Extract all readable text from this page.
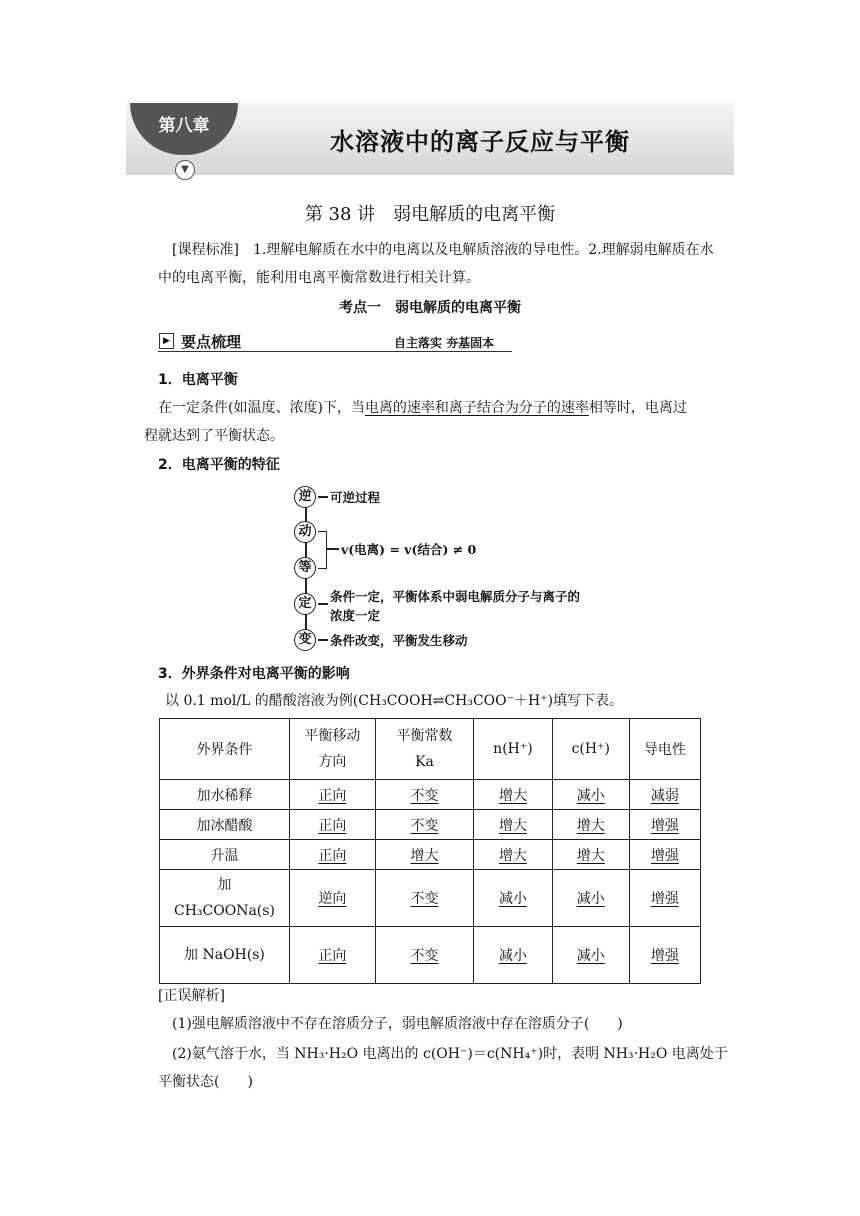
第八章
▼
水溶液中的离子反应与平衡
第 38 讲　弱电解质的电离平衡
[课程标准]　 1.理解电解质在水中的电离以及电解质溶液的导电性。2.理解弱电解质在水
中的电离平衡，能利用电离平衡常数进行相关计算。
考点一　弱电解质的电离平衡
▶ 要点梳理	自主落实 夯基固本
1．电离平衡
在一定条件(如温度、浓度)下，当电离的速率和离子结合为分子的速率相等时，电离过
程就达到了平衡状态。
2．电离平衡的特征
逆
动
等
定
变
可逆过程
v(电离) = v(结合) ≠ 0
条件一定，平衡体系中弱电解质分子与离子的
浓度一定
条件改变，平衡发生移动
3．外界条件对电离平衡的影响
以 0.1 mol/L 的醋酸溶液为例(CH₃COOH⇌CH₃COO⁻＋H⁺)填写下表。
外界条件	平衡移动方向	平衡常数 Ka	n(H⁺)	c(H⁺)	导电性
加水稀释	正向	不变	增大	减小	减弱
加冰醋酸	正向	不变	增大	增大	增强
升温	正向	增大	增大	增大	增强
加 CH₃COONa(s)	逆向	不变	减小	减小	增强
加 NaOH(s)	正向	不变	减小	减小	增强
[正误解析]
(1)强电解质溶液中不存在溶质分子，弱电解质溶液中存在溶质分子(　　)
(2)氨气溶于水，当 NH₃·H₂O 电离出的 c(OH⁻)＝c(NH₄⁺)时，表明 NH₃·H₂O 电离处于
平衡状态(　　)
